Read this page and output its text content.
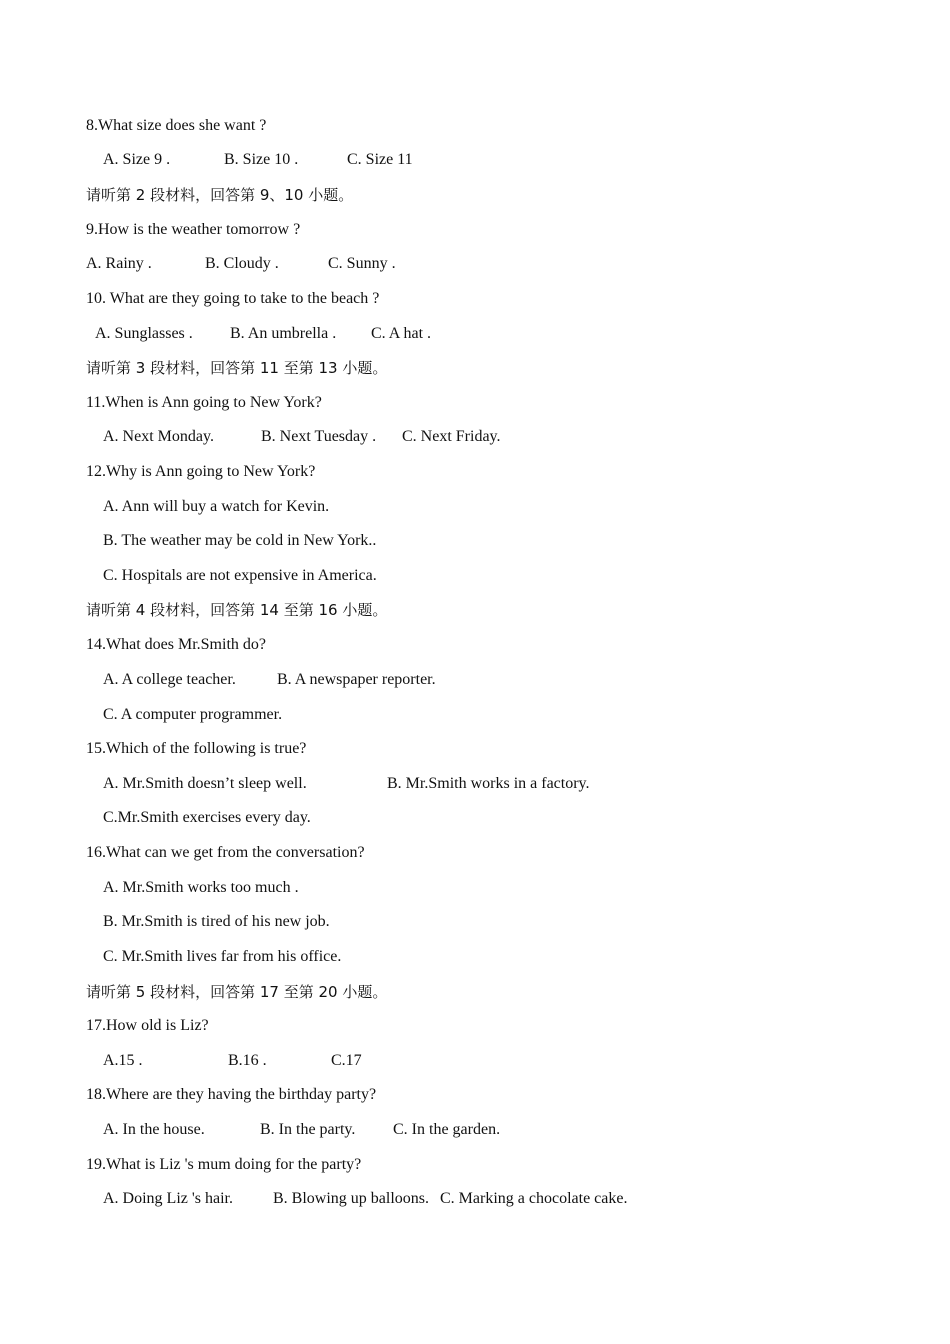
8.What size does she want ?

A. Size 9 .

	B. Size 10 .

	C. Size 11

请听第 2 段材料，回答第 9、10 小题。

9.How is the weather tomorrow ?

A. Rainy .

	B. Cloudy .

	C. Sunny .

10. What are they going to take to the beach ?

A. Sunglasses .

B. An umbrella .

C. A hat .

请听第 3 段材料，回答第 11 至第 13 小题。

11.When is Ann going to New York?

A. Next Monday.

	B. Next Tuesday .

C. Next Friday.

12.Why is Ann going to New York?

A. Ann will buy a watch for Kevin.

B. The weather may be cold in New York..

C. Hospitals are not expensive in America.

请听第 4 段材料，回答第 14 至第 16 小题。

14.What does Mr.Smith do?

A. A college teacher.

	B. A newspaper reporter.

C. A computer programmer.

15.Which of the following is true?

A. Mr.Smith doesn’t sleep well.

	B. Mr.Smith works in a factory.

C.Mr.Smith exercises every day.

16.What can we get from the conversation?

A. Mr.Smith works too much .

B. Mr.Smith is tired of his new job.

C. Mr.Smith lives far from his office.

请听第 5 段材料，回答第 17 至第 20 小题。

17.How old is Liz?

A.15 .

	B.16 .

	C.17

18.Where are they having the birthday party?

A. In the house.

	B. In the party.

C. In the garden.

19.What is Liz 's mum doing for the party?

A. Doing Liz 's hair.

	B. Blowing up balloons.

C. Marking a chocolate cake.
